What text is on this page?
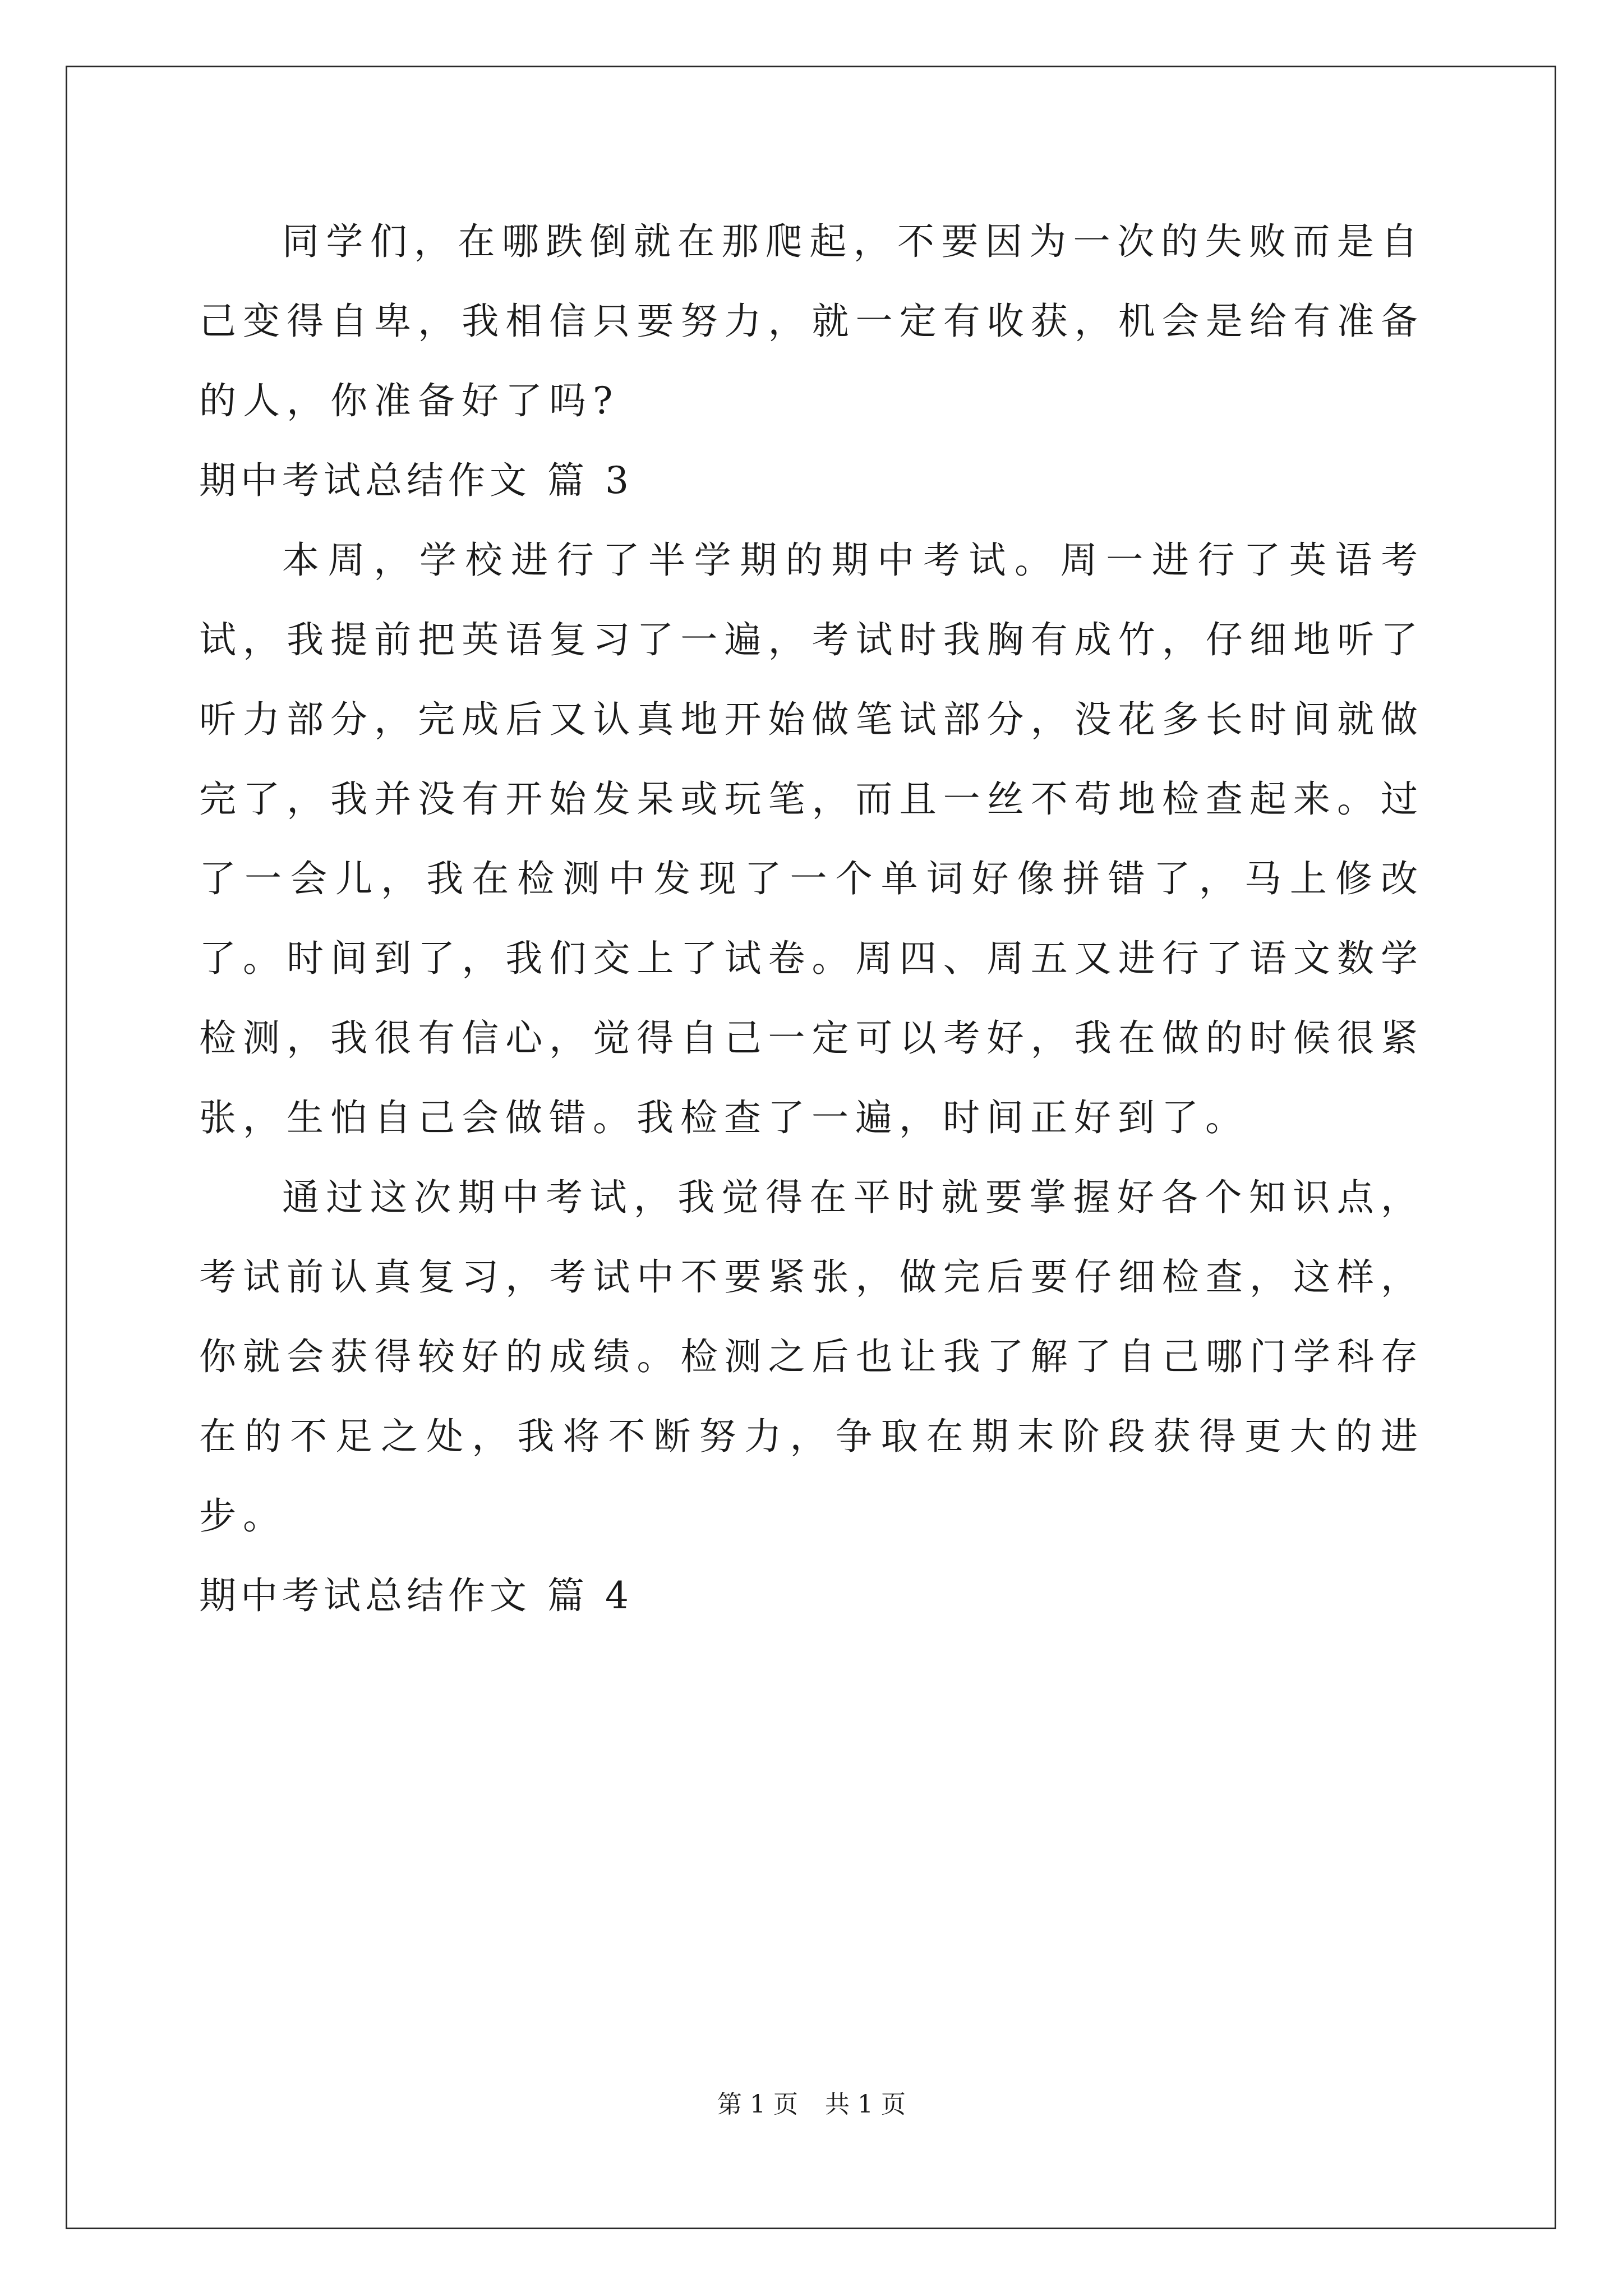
同学们，在哪跌倒就在那爬起，不要因为一次的失败而是自己变得自卑，我相信只要努力，就一定有收获，机会是给有准备的人，你准备好了吗?

期中考试总结作文 篇 3

本周，学校进行了半学期的期中考试。周一进行了英语考试，我提前把英语复习了一遍，考试时我胸有成竹，仔细地听了听力部分，完成后又认真地开始做笔试部分，没花多长时间就做完了，我并没有开始发呆或玩笔，而且一丝不苟地检查起来。过了一会儿，我在检测中发现了一个单词好像拼错了，马上修改了。时间到了，我们交上了试卷。周四、周五又进行了语文数学检测，我很有信心，觉得自己一定可以考好，我在做的时候很紧张，生怕自己会做错。我检查了一遍，时间正好到了。

通过这次期中考试，我觉得在平时就要掌握好各个知识点，考试前认真复习，考试中不要紧张，做完后要仔细检查，这样，你就会获得较好的成绩。检测之后也让我了解了自己哪门学科存在的不足之处，我将不断努力，争取在期末阶段获得更大的进步。

期中考试总结作文 篇 4

第 1 页 共 1 页
